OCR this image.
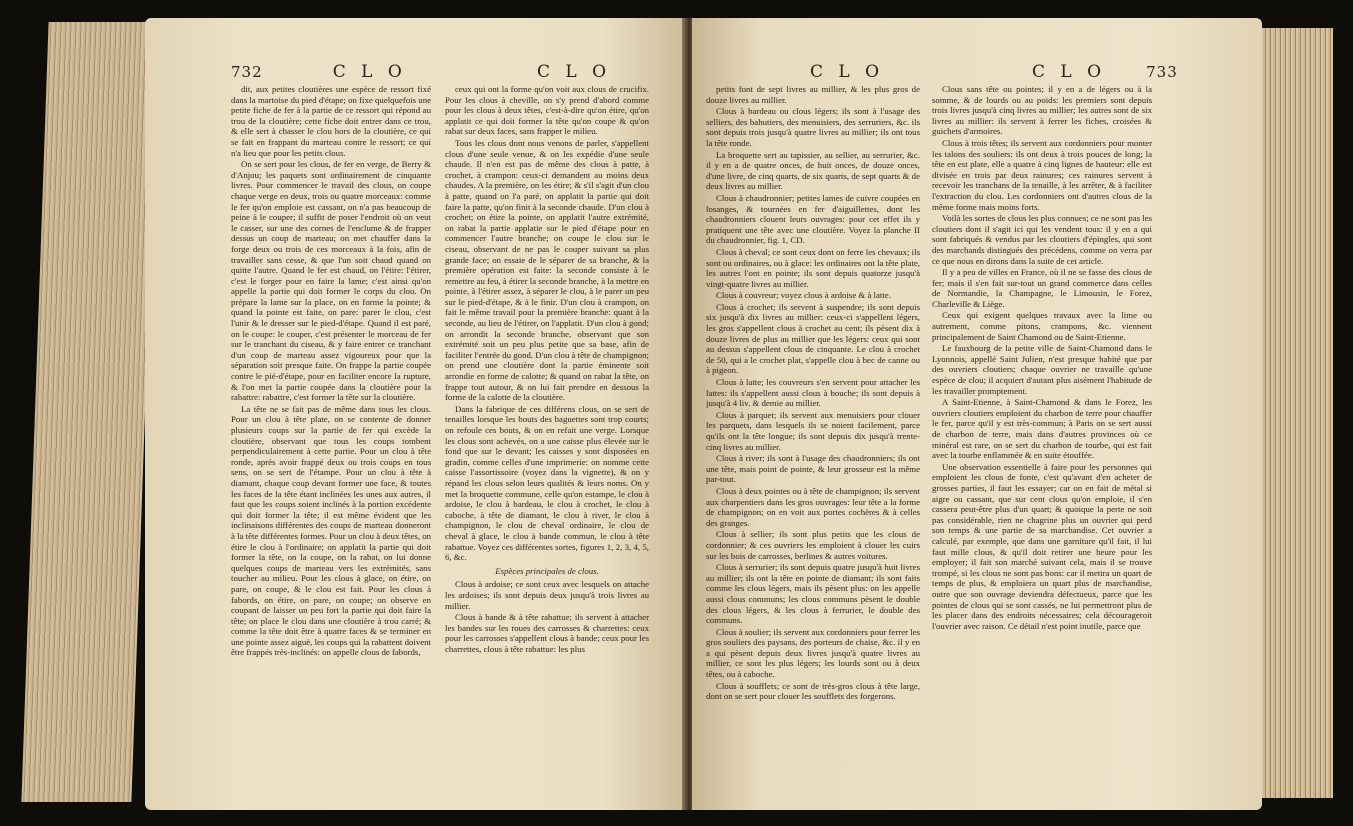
732	C L O	C L O

dit, aux petites cloutières une espèce de ressort fixé dans la martoise du pied d'étape; on fixe quelquefois une petite fiche de fer à la partie de ce ressort qui répond au trou de la cloutière; cette fiche doit entrer dans ce trou, & elle sert à chasser le clou hors de la cloutière, ce qui se fait en frappant du marteau contre le ressort; ce qui n'a lieu que pour les petits clous.

On se sert pour les clous, de fer en verge, de Berry & d'Anjou; les paquets sont ordinairement de cinquante livres. Pour commencer le travail des clous, on coupe chaque verge en deux, trois ou quatre morceaux: comme le fer qu'on emploie est cassant, on n'a pas beaucoup de peine à le couper; il suffit de poser l'endroit où on veut le casser, sur une des cornes de l'enclume & de frapper dessus un coup de marteau; on met chauffer dans la forge deux ou trois de ces morceaux à la fois, afin de travailler sans cesse, & que l'un soit chaud quand on quitte l'autre. Quand le fer est chaud, on l'étire: l'étirer, c'est le forger pour en faire la lame; c'est ainsi qu'on appelle la partie qui doit former le corps du clou. On prépare la lame sur la place, on en forme la pointe; & quand la pointe est faite, on pare: parer le clou, c'est l'unir & le dresser sur le pied-d'étape. Quand il est paré, on le coupe: le couper, c'est présenter le morceau de fer sur le tranchant du ciseau, & y faire entrer ce tranchant d'un coup de marteau assez vigoureux pour que la séparation soit presque faite. On frappe la partie coupée contre le pié-d'étape, pour en faciliter encore la rupture, & l'on met la partie coupée dans la cloutière pour la rabattre: rabattre, c'est former la tête sur la cloutière.

La tête ne se fait pas de même dans tous les clous. Pour un clou à tête plate, on se contente de donner plusieurs coups sur la partie de fer qui excède la cloutière, observant que tous les coups tombent perpendiculairement à cette partie. Pour un clou à tête ronde, après avoir frappé deux ou trois coups en tous sens, on se sert de l'étampe. Pour un clou à tête à diamant, chaque coup devant former une face, & toutes les faces de la tête étant inclinées les unes aux autres, il faut que les coups soient inclinés à la portion excédente qui doit former la tête; il est même évident que les inclinaisons différentes des coups de marteau donneront à la tête différentes formes. Pour un clou à deux têtes, on étire le clou à l'ordinaire; on applatit la partie qui doit former la tête, on la coupe, on la rabat, on lui donne quelques coups de marteau vers les extrémités, sans toucher au milieu. Pour les clous à glace, on étire, on pare, on coupe, & le clou est fait. Pour les clous à fabords, on étire, on pare, on coupe; on observe en coupant de laisser un peu fort la partie qui doit faire la tête; on place le clou dans une cloutière à trou carré; & comme la tête doit être à quatre faces & se terminer en une pointe assez aiguë, les coups qui la rabattent doivent être frappés très-inclinés: on appelle clous de fabords,

ceux qui ont la forme qu'on voit aux clous de crucifix. Pour les clous à cheville, on s'y prend d'abord comme pour les clous à deux têtes, c'est-à-dire qu'on étire, qu'on applatit ce qui doit former la tête qu'on coupe & qu'on rabat sur deux faces, sans frapper le milieu.

Tous les clous dont nous venons de parler, s'appellent clous d'une seule venue, & on les expédie d'une seule chaude. Il n'en est pas de même des clous à patte, à crochet, à crampon: ceux-ci demandent au moins deux chaudes. A la première, on les étire; & s'il s'agit d'un clou à patte, quand on l'a paré, on applatit la partie qui doit faire la patte, qu'on finit à la seconde chaude. D'un clou à crochet; on étire la pointe, on applatit l'autre extrémité, on rabat la partie applatie sur le pied d'étape pour en commencer l'autre branche; on coupe le clou sur le ciseau, observant de ne pas le couper suivant sa plus grande face; on essaie de le séparer de sa branche, & la première opération est faite: la seconde consiste à le remettre au feu, à étirer la seconde branche, à la mettre en pointe, à l'étirer assez, à séparer le clou, à le parer un peu sur le pied-d'étape, & à le finir. D'un clou à crampon, on fait le même travail pour la première branche: quant à la seconde, au lieu de l'étirer, on l'applatit. D'un clou à gond; on arrondit la seconde branche, observant que son extrémité soit un peu plus petite que sa base, afin de faciliter l'entrée du gond. D'un clou à tête de champignon; on prend une cloutière dont la partie éminente soit arrondie en forme de calotte; & quand on rabat la tête, on frappe tout autour, & on lui fait prendre en dessous la forme de la calotte de la cloutière.

Dans la fabrique de ces différens clous, on se sert de tenailles lorsque les bouts des baguettes sont trop courts; on refoule ces bouts, & on en refait une verge. Lorsque les clous sont achevés, on a une caisse plus élevée sur le fond que sur le devant; les caisses y sont disposées en gradin, comme celles d'une imprimerie: on nomme cette caisse l'assortissoire (voyez dans la vignette), & on y répand les clous selon leurs qualités & leurs noms. On y met la broquette commune, celle qu'on estampe, le clou à ardoise, le clou à bardeau, le clou à crochet, le clou à caboche, à tête de diamant, le clou à river, le clou à champignon, le clou de cheval ordinaire, le clou de cheval à glace, le clou à bande commun, le clou à tête rabattue. Voyez ces différentes sortes, figures 1, 2, 3, 4, 5, 6, &c.

Espèces principales de clous.

Clous à ardoise; ce sont ceux avec lesquels on attache les ardoises; ils sont depuis deux jusqu'à trois livres au millier.

Clous à bande & à tête rabattue; ils servent à attacher les bandes sur les roues des carrosses & charrettes: ceux pour les carrosses s'appellent clous à bande; ceux pour les charrettes, clous à tête rabattue: les plus

C L O	C L O	733

petits font de sept livres au millier, & les plus gros de douze livres au millier.

Clous à bardeau ou clous légers; ils sont à l'usage des selliers, des bahutiers, des menuisiers, des serruriers, &c. ils sont depuis trois jusqu'à quatre livres au millier; ils ont tous la tête ronde.

La broquette sert au tapissier, au sellier, au serrurier, &c. il y en a de quatre onces, de huit onces, de douze onces, d'une livre, de cinq quarts, de six quarts, de sept quarts & de deux livres au millier.

Clous à chaudronnier; petites lames de cuivre coupées en losanges, & tournées en fer d'aiguillettes, dont les chaudronniers clouent leurs ouvrages: pour cet effet ils y pratiquent une tête avec une cloutière. Voyez la planche II du chaudronnier, fig. 1, CD.

Clous à cheval; ce sont ceux dont on ferre les chevaux; ils sont ou ordinaires, ou à glace: les ordinaires ont la tête plate, les autres l'ont en pointe; ils sont depuis quatorze jusqu'à vingt-quatre livres au millier.

Clous à couvreur; voyez clous à ardoise & à latte.

Clous à crochet; ils servent à suspendre; ils sont depuis six jusqu'à dix livres au millier: ceux-ci s'appellent légers, les gros s'appellent clous à crochet au cent; ils pèsent dix à douze livres de plus au millier que les légers: ceux qui sont au dessus s'appellent clous de cinquante. Le clou à crochet de 50, qui a le crochet plat, s'appelle clou à bec de canne ou à pigeon.

Clous à latte; les couvreurs s'en servent pour attacher les lattes: ils s'appellent aussi clous à bouche; ils sont depuis à jusqu'à 4 liv. & demie au millier.

Clous à parquet; ils servent aux menuisiers pour clouer les parquets, dans lesquels ils se noient facilement, parce qu'ils ont la tête longue; ils sont depuis dix jusqu'à trente-cinq livres au millier.

Clous à river; ils sont à l'usage des chaudronniers; ils ont une tête, mais point de pointe, & leur grosseur est la même par-tout.

Clous à deux pointes ou à tête de champignon; ils servent aux charpentiers dans les gros ouvrages: leur tête a la forme de champignon; on en voit aux portes cochères & à celles des granges.

Clous à sellier; ils sont plus petits que les clous de cordonnier; & ces ouvriers les emploient à clouer les cuirs sur les bois de carrosses, berlines & autres voitures.

Clous à serrurier; ils sont depuis quatre jusqu'à huit livres au millier; ils ont la tête en pointe de diamant; ils sont faits comme les clous légers, mais ils pèsent plus: on les appelle aussi clous communs; les clous communs pèsent le double des clous légers, & les clous à ferrurier, le double des communs.

Clous à soulier; ils servent aux cordonniers pour ferrer les gros souliers des paysans, des porteurs de chaise, &c. il y en a qui pèsent depuis deux livres jusqu'à quatre livres au millier, ce sont les plus légers; les lourds sont ou à deux têtes, ou à caboche.

Clous à soufflets; ce sont de très-gros clous à tête large, dont on se sert pour clouer les soufflets des forgerons.

Clous sans tête ou pointes; il y en a de légers ou à la somme, & de lourds ou au poids: les premiers sont depuis trois livres jusqu'à cinq livres au millier; les autres sont de six livres au millier: ils servent à ferrer les fiches, croisées & guichets d'armoires.

Clous à trois têtes; ils servent aux cordonniers pour monter les talons des souliers: ils ont deux à trois pouces de long; la tête en est plate, elle a quatre à cinq lignes de hauteur: elle est divisée en trois par deux rainures; ces rainures servent à recevoir les tranchans de la tenaille, à les arrêter, & à faciliter l'extraction du clou. Les cordonniers ont d'autres clous de la même forme mais moins forts.

Voilà les sortes de clous les plus connues; ce ne sont pas les cloutiers dont il s'agit ici qui les vendent tous: il y en a qui sont fabriqués & vendus par les cloutiers d'épingles, qui sont des marchands distingués des précédens, comme on verra par ce que nous en dirons dans la suite de cet article.

Il y a peu de villes en France, où il ne se fasse des clous de fer; mais il s'en fait sur-tout un grand commerce dans celles de Normandie, la Champagne, le Limousin, le Forez, Charleville & Liège.

Ceux qui exigent quelques travaux avec la lime ou autrement, comme pitons, crampons, &c. viennent principalement de Saint Chamond ou de Saint-Etienne.

Le fauxbourg de la petite ville de Saint-Chamond dans le Lyonnois, appellé Saint Julien, n'est presque habité que par des ouvriers cloutiers; chaque ouvrier ne travaille qu'une espèce de clou; il acquiert d'autant plus aisément l'habitude de les travailler promptement.

A Saint-Etienne, à Saint-Chamond & dans le Forez, les ouvriers cloutiers emploient du charbon de terre pour chauffer le fer, parce qu'il y est très-commun; à Paris on se sert aussi de charbon de terre, mais dans d'autres provinces où ce minéral est rare, on se sert du charbon de tourbe, qui est fait avec la tourbe enflammée & en suite étouffée.

Une observation essentielle à faire pour les personnes qui emploient les clous de fonte, c'est qu'avant d'en acheter de grosses parties, il faut les essayer; car on en fait de métal si aigre ou cassant, que sur cent clous qu'on emploie, il s'en cassera peut-être plus d'un quart; & quoique la perte ne soit pas considérable, rien ne chagrine plus un ouvrier qui perd son temps & une partie de sa marchandise. Cet ouvrier a calculé, par exemple, que dans une garniture qu'il fait, il lui faut mille clous, & qu'il doit retirer une heure pour les employer; il fait son marché suivant cela, mais il se trouve trompé, si les clous ne sont pas bons: car il mettra un quart de temps de plus, & emploiera un quart plus de marchandise, outre que son ouvrage deviendra défectueux, parce que les pointes de clous qui se sont cassés, ne lui permettront plus de les placer dans des endroits nécessaires; cela décourageroit l'ouvrier avec raison. Ce détail n'est point inutile, parce que
